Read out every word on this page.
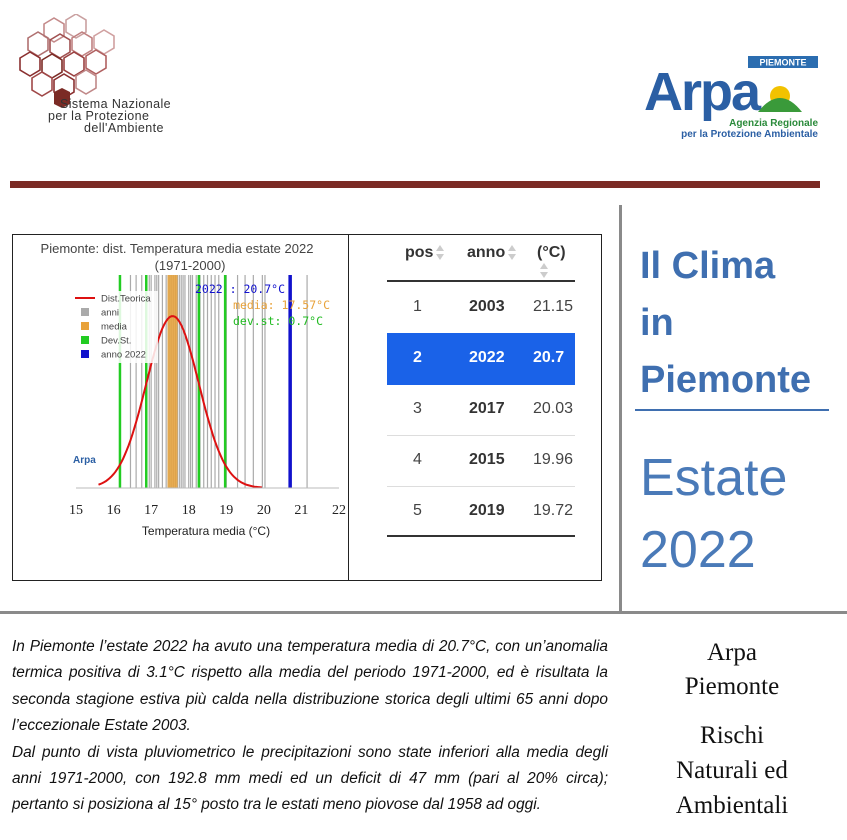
Sistema Nazionale
per la Protezione
dell'Ambiente
PIEMONTE
Arpa
Agenzia Regionale
per la Protezione Ambientale
15 16 17 18 19 20 21 22
Piemonte: dist. Temperatura media estate 2022
(1971-2000)
Dist.Teorica
anni
media
Dev.St.
anno 2022
2022 : 20.7°C
media: 17.57°C
dev.st: 0.7°C
Arpa
Temperatura media (°C)
pos	anno	(°C)
1	2003 21.15
2	2022 20.7
3	2017 20.03
4	2015 19.96
5	2019 19.72
Il Clima
in
Piemonte
Estate
2022

In Piemonte l’estate 2022 ha avuto una temperatura media di 20.7°C, con un’anomalia termica positiva di 3.1°C rispetto alla media del periodo 1971-2000, ed è risultata la seconda stagione estiva più calda nella distribuzione storica degli ultimi 65 anni dopo l’eccezionale Estate 2003.

Dal punto di vista pluviometrico le precipitazioni sono state inferiori alla media degli anni 1971-2000, con 192.8 mm medi ed un deficit di 47 mm (pari al 20% circa); pertanto si posiziona al 15° posto tra le estati meno piovose dal 1958 ad oggi.

Arpa
Piemonte
Rischi
Naturali ed
Ambientali
